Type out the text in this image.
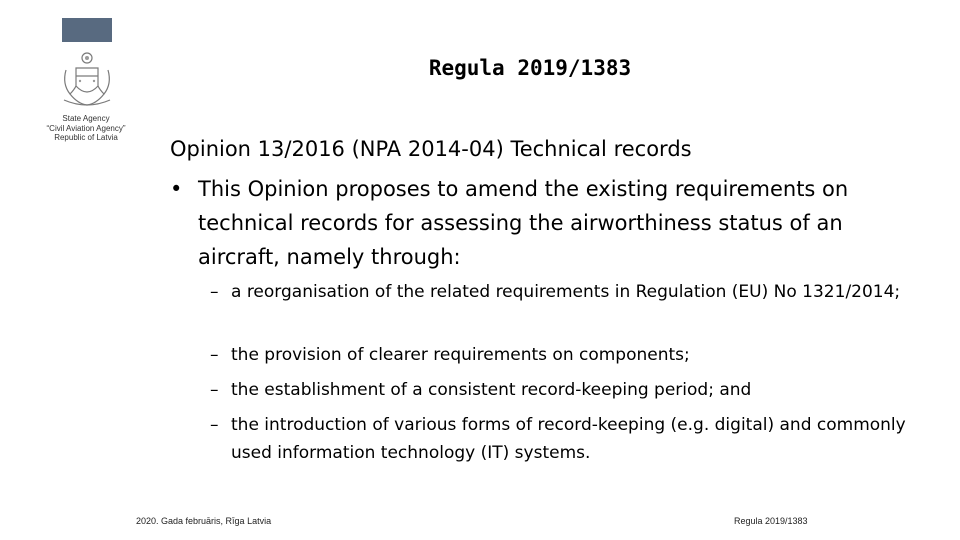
State Agency
“Civil Aviation Agency”
Republic of Latvia
Regula 2019/1383
Opinion 13/2016 (NPA 2014-04) Technical records
• This Opinion proposes to amend the existing requirements on technical records for assessing the airworthiness status of an aircraft, namely through:
– a reorganisation of the related requirements in Regulation (EU) No 1321/2014;
– the provision of clearer requirements on components;
– the establishment of a consistent record-keeping period; and
– the introduction of various forms of record-keeping (e.g. digital) and commonly used information technology (IT) systems.
2020. Gada februāris, Rīga Latvia	Regula 2019/1383
